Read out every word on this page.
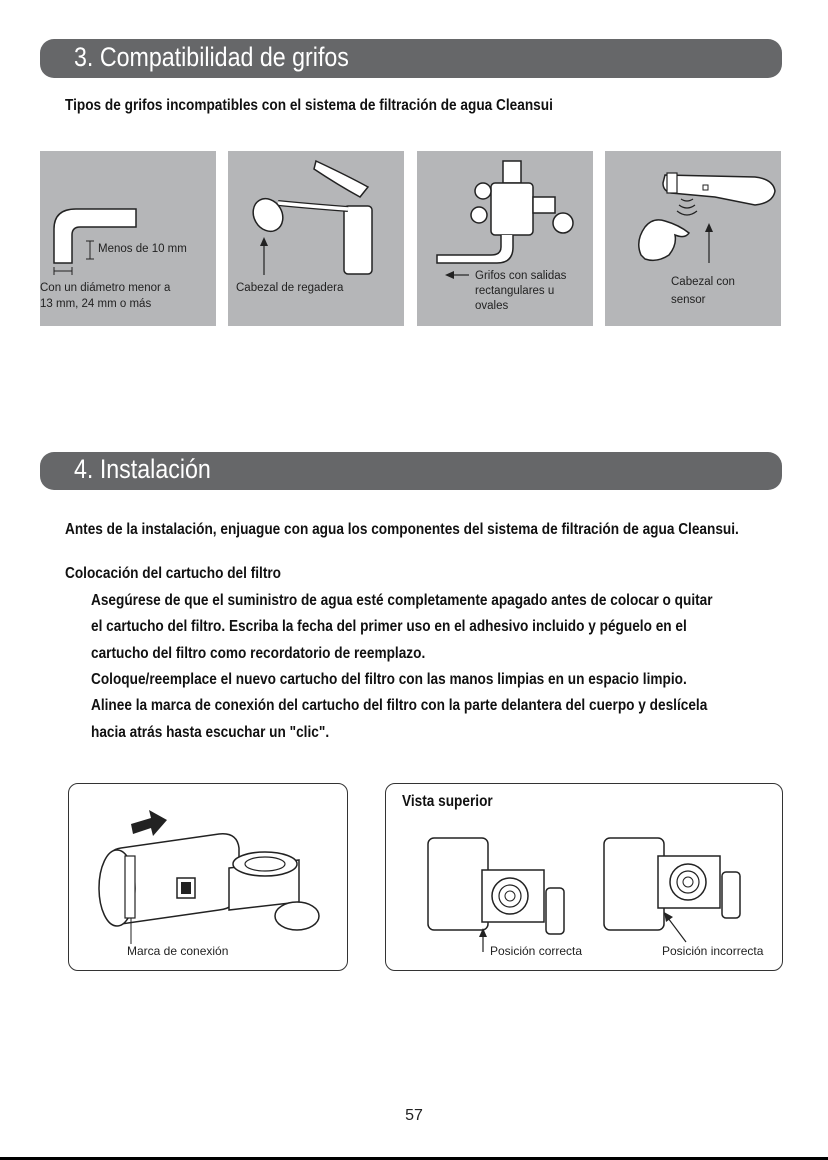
3. Compatibilidad de grifos
Tipos de grifos incompatibles con el sistema de filtración de agua Cleansui
Menos de 10 mm
Con un diámetro menor a
13 mm, 24 mm o más
Cabezal de regadera
Grifos con salidas
rectangulares u
ovales
Cabezal con
sensor
4. Instalación
Antes de la instalación, enjuague con agua los componentes del sistema de filtración de agua Cleansui.
Colocación del cartucho del filtro
Asegúrese de que el suministro de agua esté completamente apagado antes de colocar o quitar
el cartucho del filtro. Escriba la fecha del primer uso en el adhesivo incluido y péguelo en el
cartucho del filtro como recordatorio de reemplazo.
Coloque/reemplace el nuevo cartucho del filtro con las manos limpias en un espacio limpio.
Alinee la marca de conexión del cartucho del filtro con la parte delantera del cuerpo y deslícela
hacia atrás hasta escuchar un "clic".
Marca de conexión
Vista superior
Posición correcta	Posición incorrecta
57
